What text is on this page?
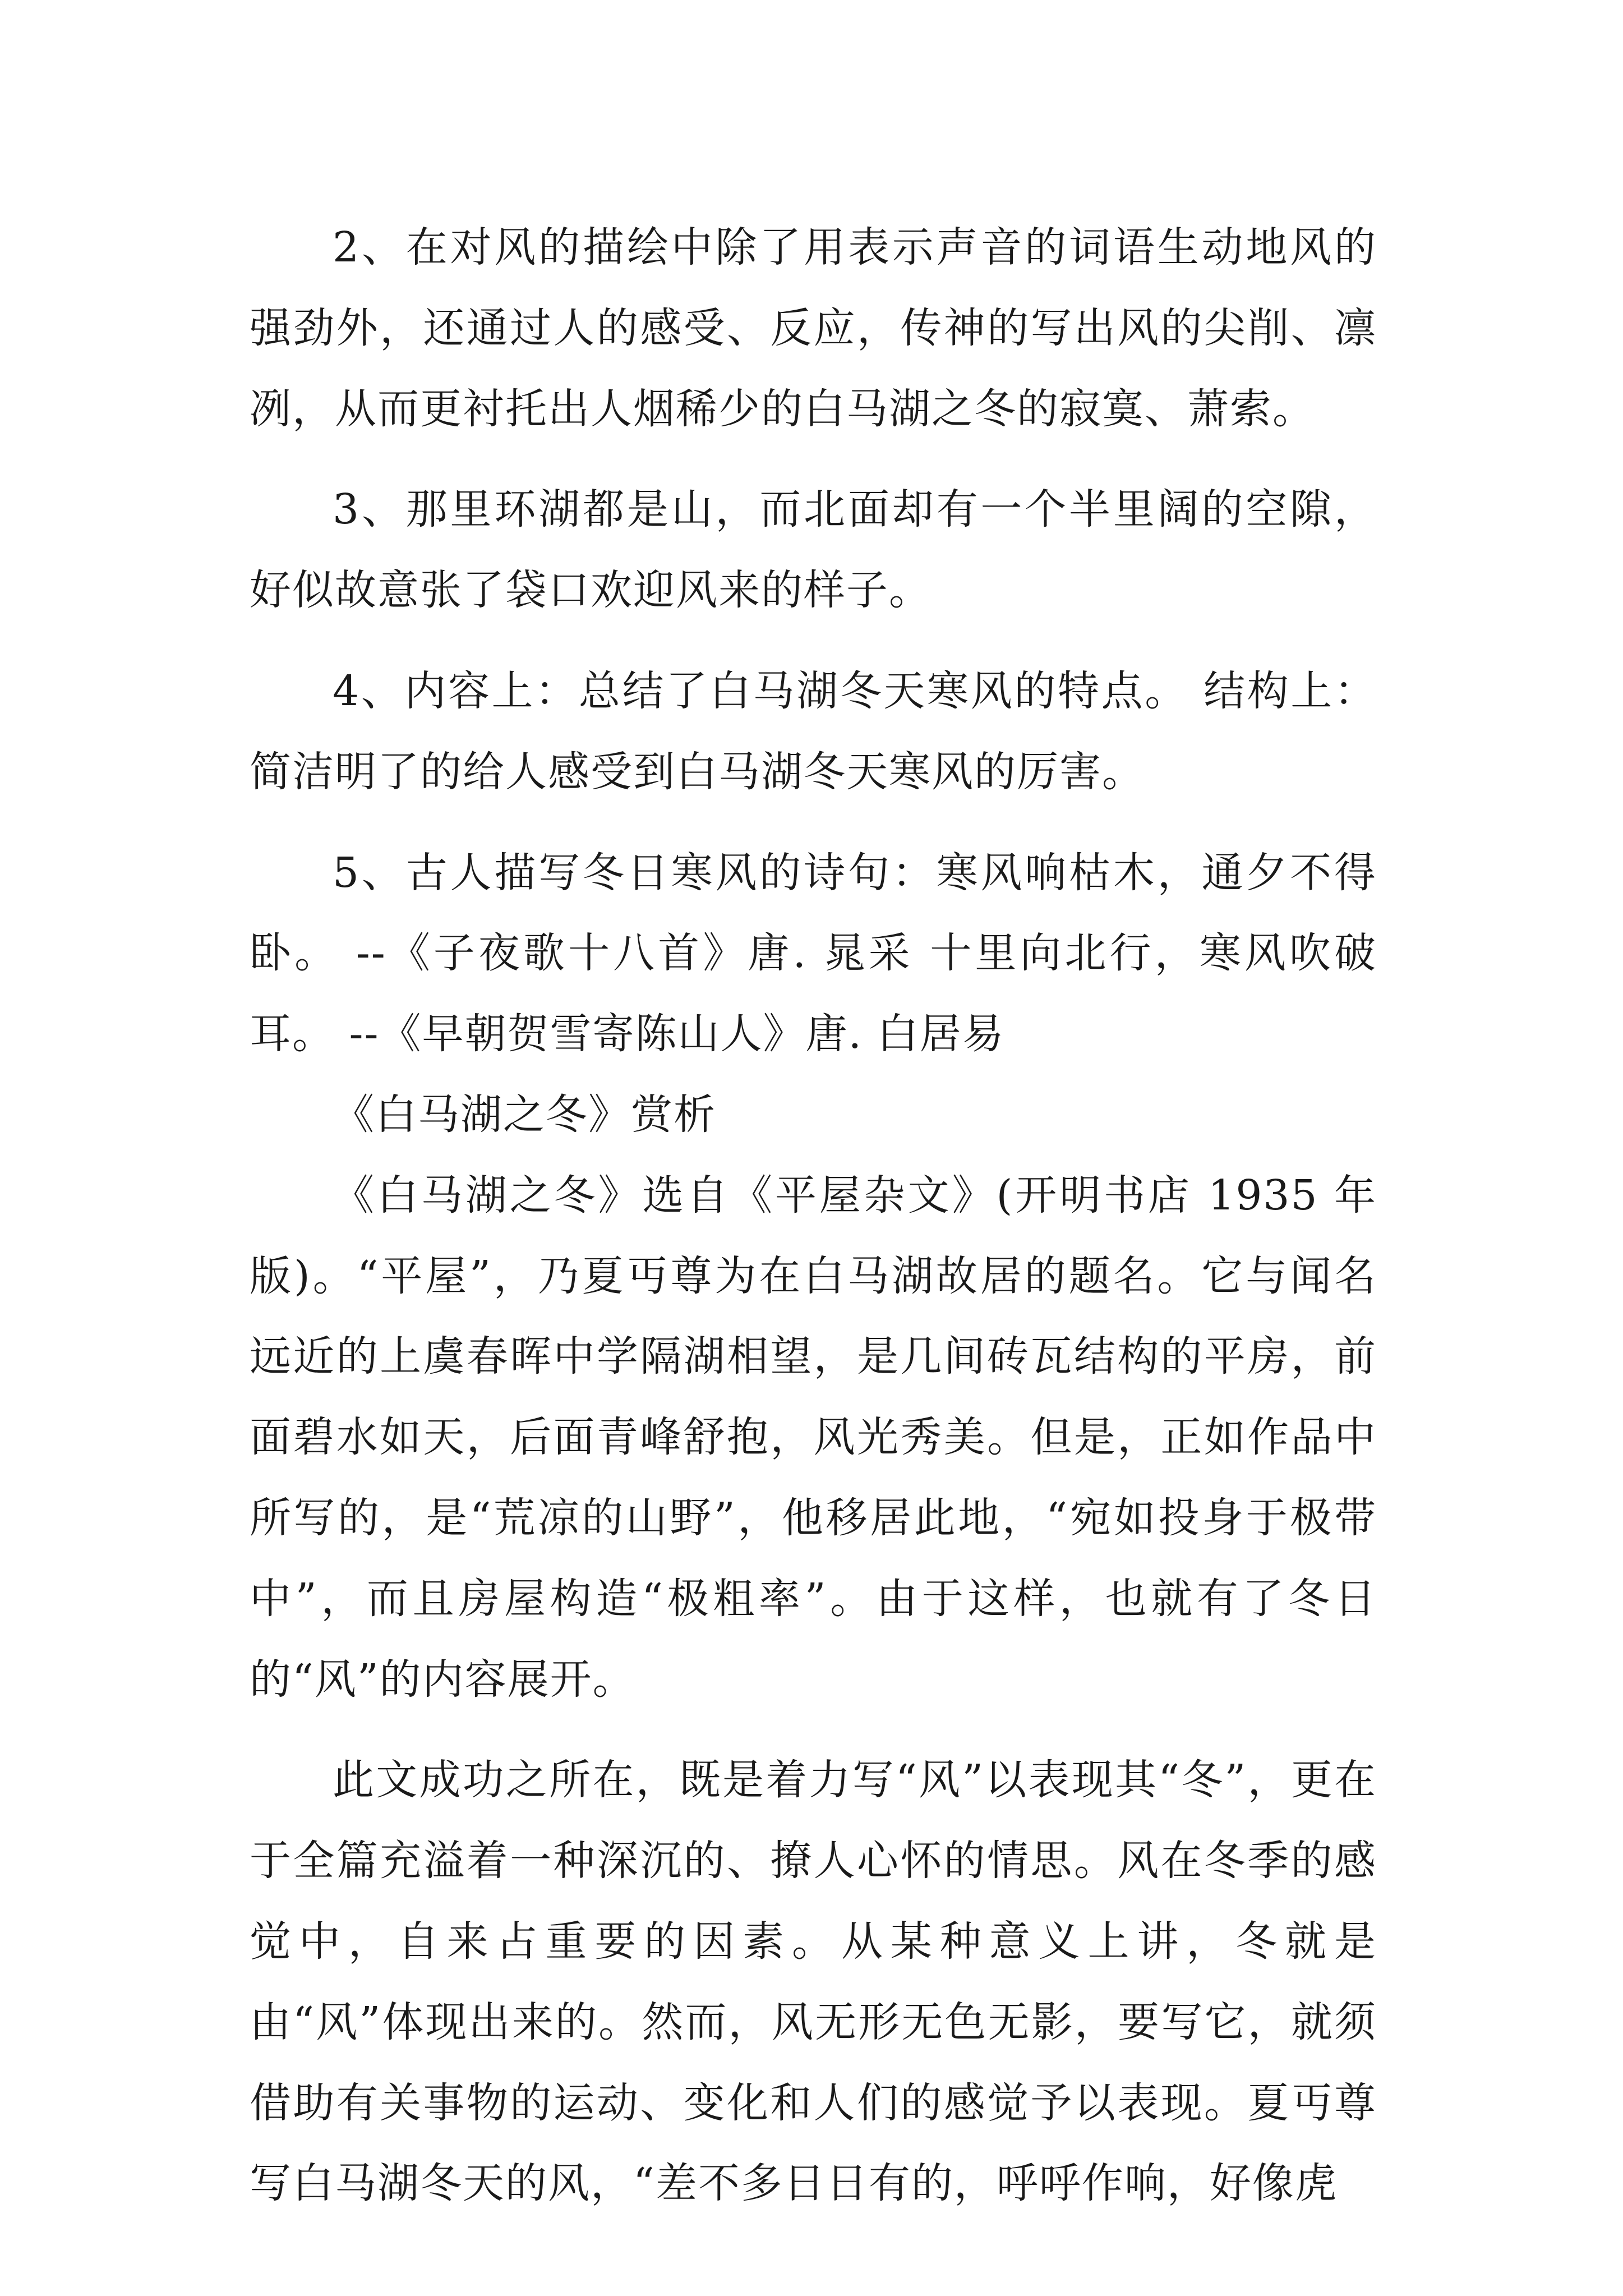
2、在对风的描绘中除了用表示声音的词语生动地风的强劲外，还通过人的感受、反应，传神的写出风的尖削、凛冽，从而更衬托出人烟稀少的白马湖之冬的寂寞、萧索。

3、那里环湖都是山，而北面却有一个半里阔的空隙，好似故意张了袋口欢迎风来的样子。

4、内容上：总结了白马湖冬天寒风的特点。 结构上：简洁明了的给人感受到白马湖冬天寒风的厉害。

5、古人描写冬日寒风的诗句：寒风响枯木，通夕不得卧。 --《子夜歌十八首》唐. 晁采 十里向北行，寒风吹破耳。 --《早朝贺雪寄陈山人》唐. 白居易

《白马湖之冬》赏析

《白马湖之冬》选自《平屋杂文》(开明书店 1935 年版)。“平屋”，乃夏丏尊为在白马湖故居的题名。它与闻名远近的上虞春晖中学隔湖相望，是几间砖瓦结构的平房，前面碧水如天，后面青峰舒抱，风光秀美。但是，正如作品中所写的，是“荒凉的山野”，他移居此地，“宛如投身于极带中”，而且房屋构造“极粗率”。由于这样，也就有了冬日的“风”的内容展开。

此文成功之所在，既是着力写“风”以表现其“冬”，更在于全篇充溢着一种深沉的、撩人心怀的情思。风在冬季的感觉中，自来占重要的因素。从某种意义上讲，冬就是由“风”体现出来的。然而，风无形无色无影，要写它，就须借助有关事物的运动、变化和人们的感觉予以表现。夏丏尊写白马湖冬天的风，“差不多日日有的，呼呼作响，好像虎
